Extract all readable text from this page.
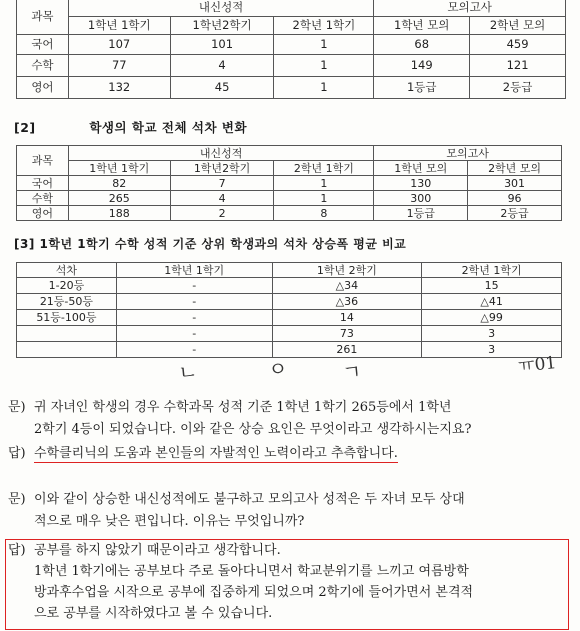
과목	내신성적			모의고사	
	1학년 1학기	1학년2학기	2학년 1학기	1학년 모의	2학년 모의
국어	107	101	1	68	459
수학	77	4	1	149	121
영어	132	45	1	1등급	2등급
[2]	학생의 학교 전체 석차 변화
과목	내신성적			모의고사	
	1학년 1학기	1학년2학기	2학년 1학기	1학년 모의	2학년 모의
국어	82	7	1	130	301
수학	265	4	1	300	96
영어	188	2	8	1등급	2등급
[3] 1학년 1학기 수학 성적 기준 상위 학생과의 석차 상승폭 평균 비교
석차	1학년 1학기	1학년 2학기	2학년 1학기
1-20등	-	△34	15
21등-50등	-	△36	△41
51등-100등	-	14	△99
	-	73	3
	-	261	3
ㄴ	ㅇ	ㄱ	ㅠ01
문) 귀 자녀인 학생의 경우 수학과목 성적 기준 1학년 1학기 265등에서 1학년
2학기 4등이 되었습니다. 이와 같은 상승 요인은 무엇이라고 생각하시는지요?
답) 수학클리닉의 도움과 본인들의 자발적인 노력이라고 추측합니다.
문) 이와 같이 상승한 내신성적에도 불구하고 모의고사 성적은 두 자녀 모두 상대
적으로 매우 낮은 편입니다. 이유는 무엇입니까?
답) 공부를 하지 않았기 때문이라고 생각합니다.
1학년 1학기에는 공부보다 주로 돌아다니면서 학교분위기를 느끼고 여름방학
방과후수업을 시작으로 공부에 집중하게 되었으며 2학기에 들어가면서 본격적
으로 공부를 시작하였다고 볼 수 있습니다.
